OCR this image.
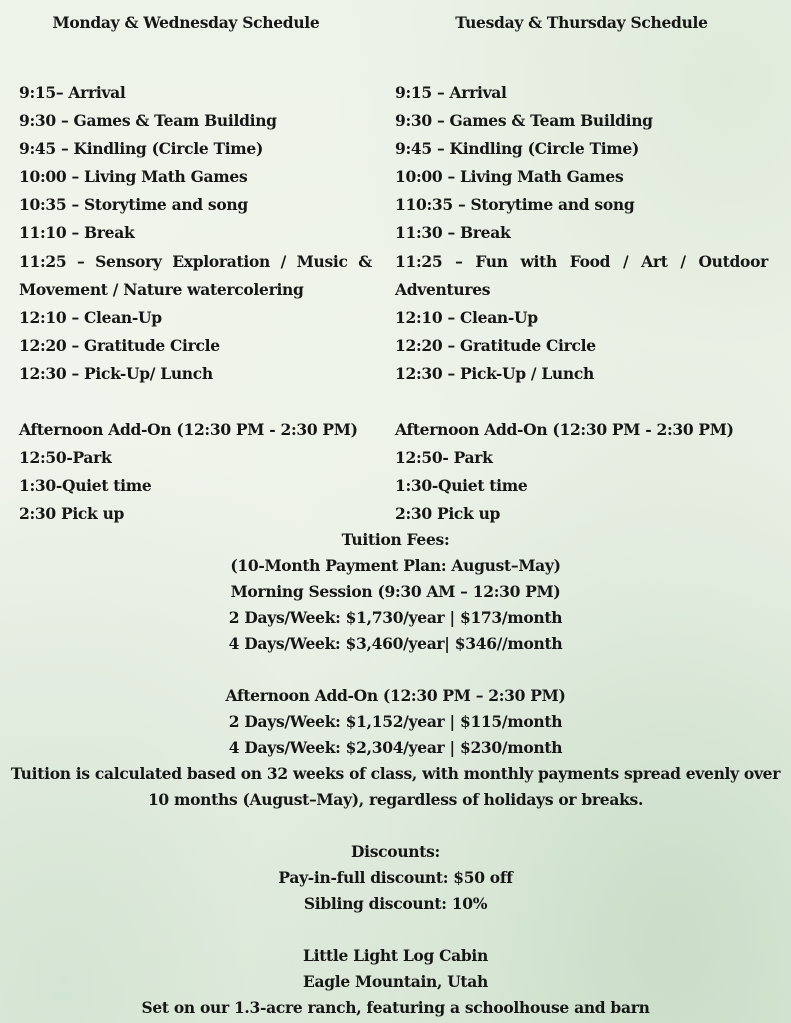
Monday & Wednesday Schedule
9:15– Arrival
9:30 – Games & Team Building
9:45 – Kindling (Circle Time)
10:00 – Living Math Games
10:35 – Storytime and song
11:10 – Break
11:25 – Sensory Exploration / Music &
Movement / Nature watercolering
12:10 – Clean-Up
12:20 – Gratitude Circle
12:30 – Pick-Up/ Lunch
Afternoon Add-On (12:30 PM - 2:30 PM)
12:50-Park
1:30-Quiet time
2:30 Pick up
Tuesday & Thursday Schedule
9:15 – Arrival
9:30 – Games & Team Building
9:45 – Kindling (Circle Time)
10:00 – Living Math Games
110:35 – Storytime and song
11:30 – Break
11:25 – Fun with Food / Art / Outdoor
Adventures
12:10 – Clean-Up
12:20 – Gratitude Circle
12:30 – Pick-Up / Lunch
Afternoon Add-On (12:30 PM - 2:30 PM)
12:50- Park
1:30-Quiet time
2:30 Pick up
Tuition Fees:
(10-Month Payment Plan: August–May)
Morning Session (9:30 AM – 12:30 PM)
2 Days/Week: $1,730/year | $173/month
4 Days/Week: $3,460/year| $346//month
Afternoon Add-On (12:30 PM – 2:30 PM)
2 Days/Week: $1,152/year | $115/month
4 Days/Week: $2,304/year | $230/month
Tuition is calculated based on 32 weeks of class, with monthly payments spread evenly over
10 months (August–May), regardless of holidays or breaks.
Discounts:
Pay-in-full discount: $50 off
Sibling discount: 10%
Little Light Log Cabin
Eagle Mountain, Utah
Set on our 1.3-acre ranch, featuring a schoolhouse and barn
